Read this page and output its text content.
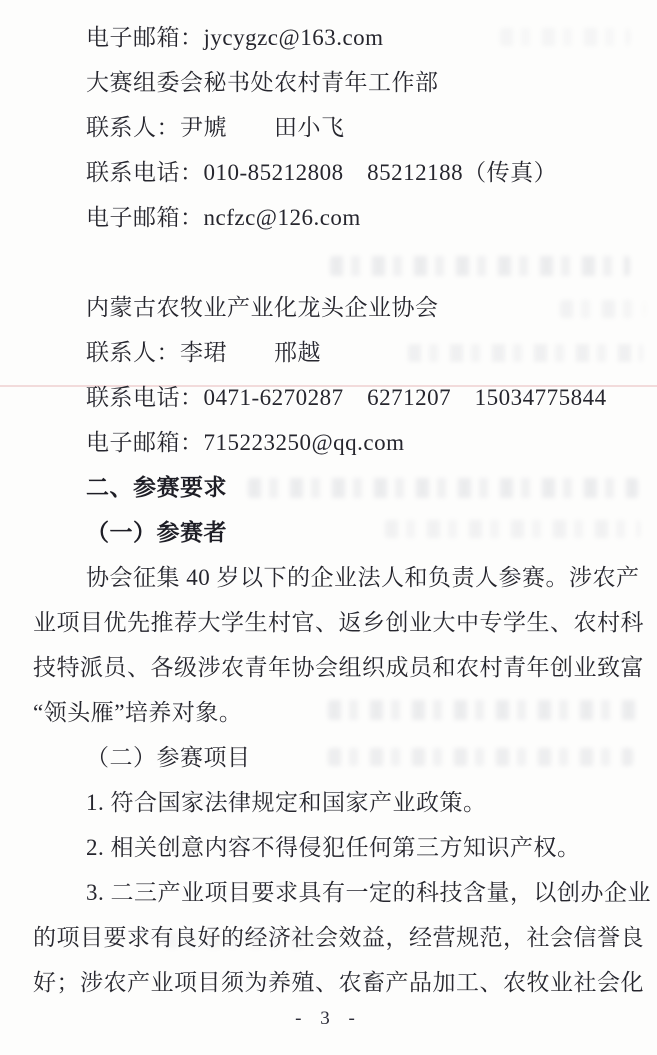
电子邮箱：jycygzc@163.com
大赛组委会秘书处农村青年工作部
联系人：尹虓　　田小飞
联系电话：010-85212808　85212188（传真）
电子邮箱：ncfzc@126.com
内蒙古农牧业产业化龙头企业协会
联系人：李珺　　邢越
联系电话：0471-6270287　6271207　15034775844
电子邮箱：715223250@qq.com
二、参赛要求
（一）参赛者
协会征集 40 岁以下的企业法人和负责人参赛。涉农产
业项目优先推荐大学生村官、返乡创业大中专学生、农村科
技特派员、各级涉农青年协会组织成员和农村青年创业致富
“领头雁”培养对象。
（二）参赛项目
1. 符合国家法律规定和国家产业政策。
2. 相关创意内容不得侵犯任何第三方知识产权。
3. 二三产业项目要求具有一定的科技含量，以创办企业
的项目要求有良好的经济社会效益，经营规范，社会信誉良
好；涉农产业项目须为养殖、农畜产品加工、农牧业社会化
- 3 -
